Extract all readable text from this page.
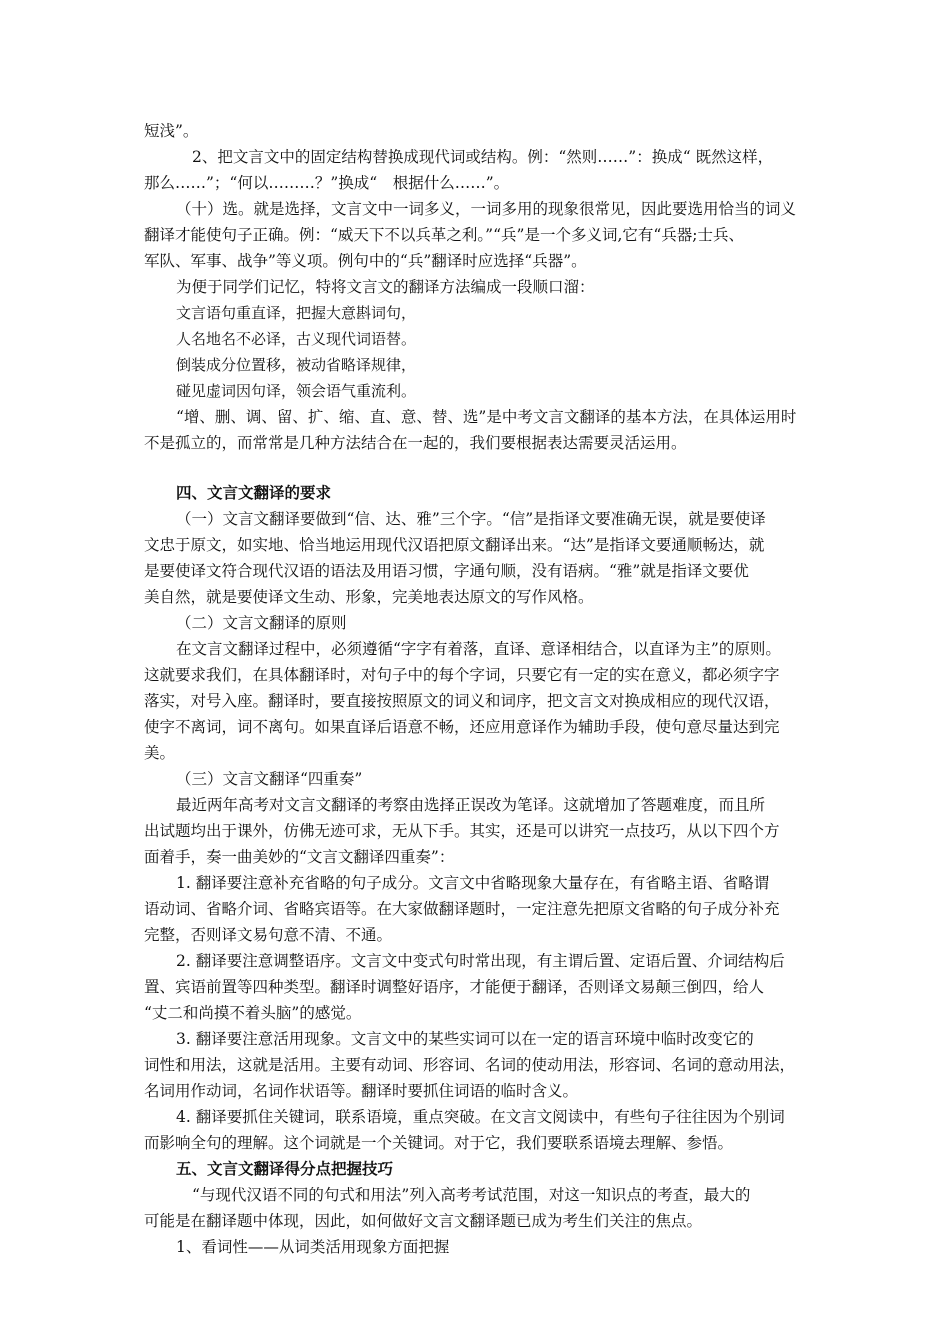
短浅”。
2、把文言文中的固定结构替换成现代词或结构。例：“然则……”：换成“ 既然这样，
那么……”；“何以………？”换成“　根据什么……”。
（十）选。就是选择，文言文中一词多义，一词多用的现象很常见，因此要选用恰当的词义
翻译才能使句子正确。例：“威天下不以兵革之利。”“兵”是一个多义词,它有“兵器;士兵、
军队、军事、战争”等义项。例句中的“兵”翻译时应选择“兵器”。
为便于同学们记忆，特将文言文的翻译方法编成一段顺口溜：
文言语句重直译，把握大意斟词句，
人名地名不必译，古义现代词语替。
倒装成分位置移，被动省略译规律，
碰见虚词因句译，领会语气重流利。
“增、删、调、留、扩、缩、直、意、替、选”是中考文言文翻译的基本方法，在具体运用时
不是孤立的，而常常是几种方法结合在一起的，我们要根据表达需要灵活运用。
四、文言文翻译的要求
（一）文言文翻译要做到“信、达、雅”三个字。“信”是指译文要准确无误，就是要使译
文忠于原文，如实地、恰当地运用现代汉语把原文翻译出来。“达”是指译文要通顺畅达，就
是要使译文符合现代汉语的语法及用语习惯，字通句顺，没有语病。“雅”就是指译文要优
美自然，就是要使译文生动、形象，完美地表达原文的写作风格。
（二）文言文翻译的原则
在文言文翻译过程中，必须遵循“字字有着落，直译、意译相结合，以直译为主”的原则。
这就要求我们，在具体翻译时，对句子中的每个字词，只要它有一定的实在意义，都必须字字
落实，对号入座。翻译时，要直接按照原文的词义和词序，把文言文对换成相应的现代汉语，
使字不离词，词不离句。如果直译后语意不畅，还应用意译作为辅助手段，使句意尽量达到完
美。
（三）文言文翻译“四重奏”
最近两年高考对文言文翻译的考察由选择正误改为笔译。这就增加了答题难度，而且所
出试题均出于课外，仿佛无迹可求，无从下手。其实，还是可以讲究一点技巧，从以下四个方
面着手，奏一曲美妙的“文言文翻译四重奏”：
1. 翻译要注意补充省略的句子成分。文言文中省略现象大量存在，有省略主语、省略谓
语动词、省略介词、省略宾语等。在大家做翻译题时，一定注意先把原文省略的句子成分补充
完整，否则译文易句意不清、不通。
2. 翻译要注意调整语序。文言文中变式句时常出现，有主谓后置、定语后置、介词结构后
置、宾语前置等四种类型。翻译时调整好语序，才能便于翻译，否则译文易颠三倒四，给人
“丈二和尚摸不着头脑”的感觉。
3. 翻译要注意活用现象。文言文中的某些实词可以在一定的语言环境中临时改变它的
词性和用法，这就是活用。主要有动词、形容词、名词的使动用法，形容词、名词的意动用法，
名词用作动词，名词作状语等。翻译时要抓住词语的临时含义。
4. 翻译要抓住关键词，联系语境，重点突破。在文言文阅读中，有些句子往往因为个别词
而影响全句的理解。这个词就是一个关键词。对于它，我们要联系语境去理解、参悟。
五、文言文翻译得分点把握技巧
“与现代汉语不同的句式和用法”列入高考考试范围，对这一知识点的考查，最大的
可能是在翻译题中体现，因此，如何做好文言文翻译题已成为考生们关注的焦点。
1、看词性——从词类活用现象方面把握
